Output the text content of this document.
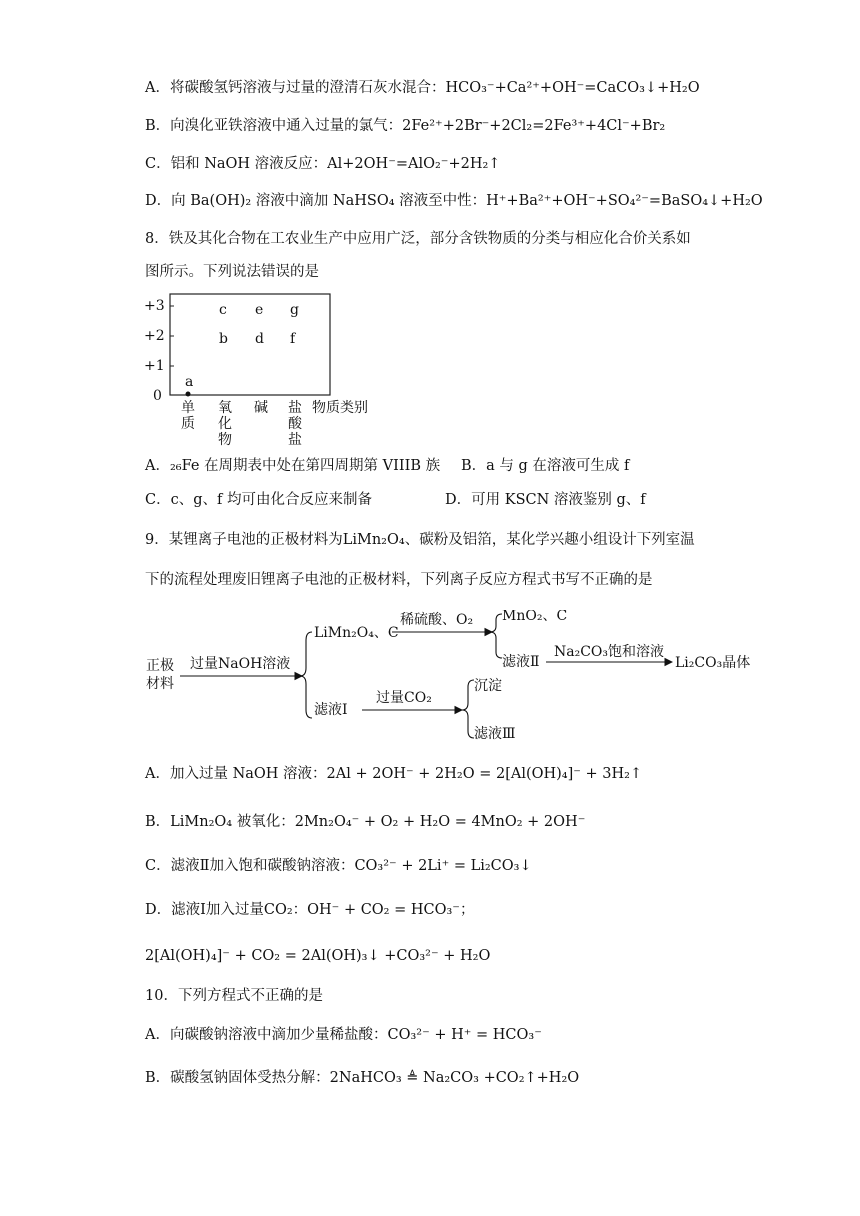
A．将碳酸氢钙溶液与过量的澄清石灰水混合：HCO₃⁻+Ca²⁺+OH⁻=CaCO₃↓+H₂O
B．向溴化亚铁溶液中通入过量的氯气：2Fe²⁺+2Br⁻+2Cl₂=2Fe³⁺+4Cl⁻+Br₂
C．铝和 NaOH 溶液反应：Al+2OH⁻=AlO₂⁻+2H₂↑
D．向 Ba(OH)₂ 溶液中滴加 NaHSO₄ 溶液至中性：H⁺+Ba²⁺+OH⁻+SO₄²⁻=BaSO₄↓+H₂O
8．铁及其化合物在工农业生产中应用广泛，部分含铁物质的分类与相应化合价关系如
图所示。下列说法错误的是
+3
+2
+1
0
c e g
b d f
a
单质
氧化物
碱 盐酸盐
物质类别
A．₂₆Fe 在周期表中处在第四周期第 VIIIB 族 B．a 与 g 在溶液可生成 f
C．c、g、f 均可由化合反应来制备	D．可用 KSCN 溶液鉴别 g、f
9．某锂离子电池的正极材料为LiMn₂O₄、碳粉及铝箔，某化学兴趣小组设计下列室温
下的流程处理废旧锂离子电池的正极材料，下列离子反应方程式书写不正确的是
正极
材料
过量NaOH溶液
LiMn₂O₄、C
稀硫酸、O₂ MnO₂、C
滤液Ⅱ
Na₂CO₃饱和溶液
Li₂CO₃晶体
滤液Ⅰ
过量CO₂
沉淀
滤液Ⅲ
A．加入过量 NaOH 溶液：2Al + 2OH⁻ + 2H₂O = 2[Al(OH)₄]⁻ + 3H₂↑
B．LiMn₂O₄ 被氧化：2Mn₂O₄⁻ + O₂ + H₂O = 4MnO₂ + 2OH⁻
C．滤液Ⅱ加入饱和碳酸钠溶液：CO₃²⁻ + 2Li⁺ = Li₂CO₃↓
D．滤液Ⅰ加入过量CO₂：OH⁻ + CO₂ = HCO₃⁻；
2[Al(OH)₄]⁻ + CO₂ = 2Al(OH)₃↓ +CO₃²⁻ + H₂O
10．下列方程式不正确的是
A．向碳酸钠溶液中滴加少量稀盐酸：CO₃²⁻ + H⁺ = HCO₃⁻
B．碳酸氢钠固体受热分解：2NaHCO₃ ≜ Na₂CO₃ +CO₂↑+H₂O
